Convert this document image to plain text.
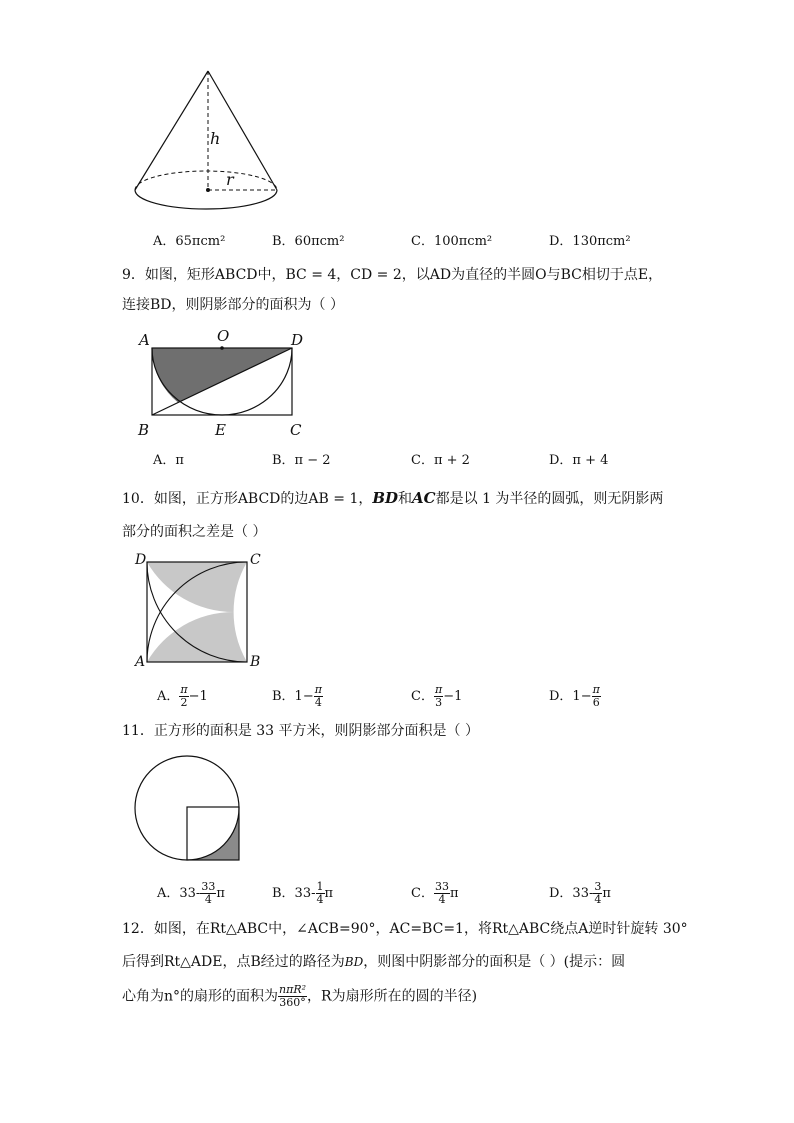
h
r
A．65πcm²	B．60πcm²	C．100πcm²	D．130πcm²
9．如图，矩形ABCD中，BC = 4，CD = 2，以AD为直径的半圆O与BC相切于点E，
连接BD，则阴影部分的面积为（ ）
A	O	D
B	E	C
A．π	B．π − 2	C．π + 2	D．π + 4
10．如图，正方形ABCD的边AB = 1，BD和AC都是以 1 为半径的圆弧，则无阴影两
部分的面积之差是（ ）
D	C
A	B
A． $\frac{\pi}{2} -1$	B．$1- \frac{\pi}{4}$	C． $\frac{\pi}{3} -1$	D．$1- \frac{\pi}{6}$
11．正方形的面积是 33 平方米，则阴影部分面积是（ ）
A．$33- \frac{33}{4}$ π	B．$33- \frac{1}{4}$ π	C． $\frac{33}{4}$ π	D．$33- \frac{3}{4}$ π
12．如图，在Rt△ABC中，∠ACB=90°，AC=BC=1，将Rt△ABC绕点A逆时针旋转 30°
后得到Rt△ADE，点B经过的路径为BD，则图中阴影部分的面积是（ ）(提示：圆
心角为n°的扇形的面积为 $\frac{\text{nπR²}}{360^\circ}$ ，R为扇形所在的圆的半径)
